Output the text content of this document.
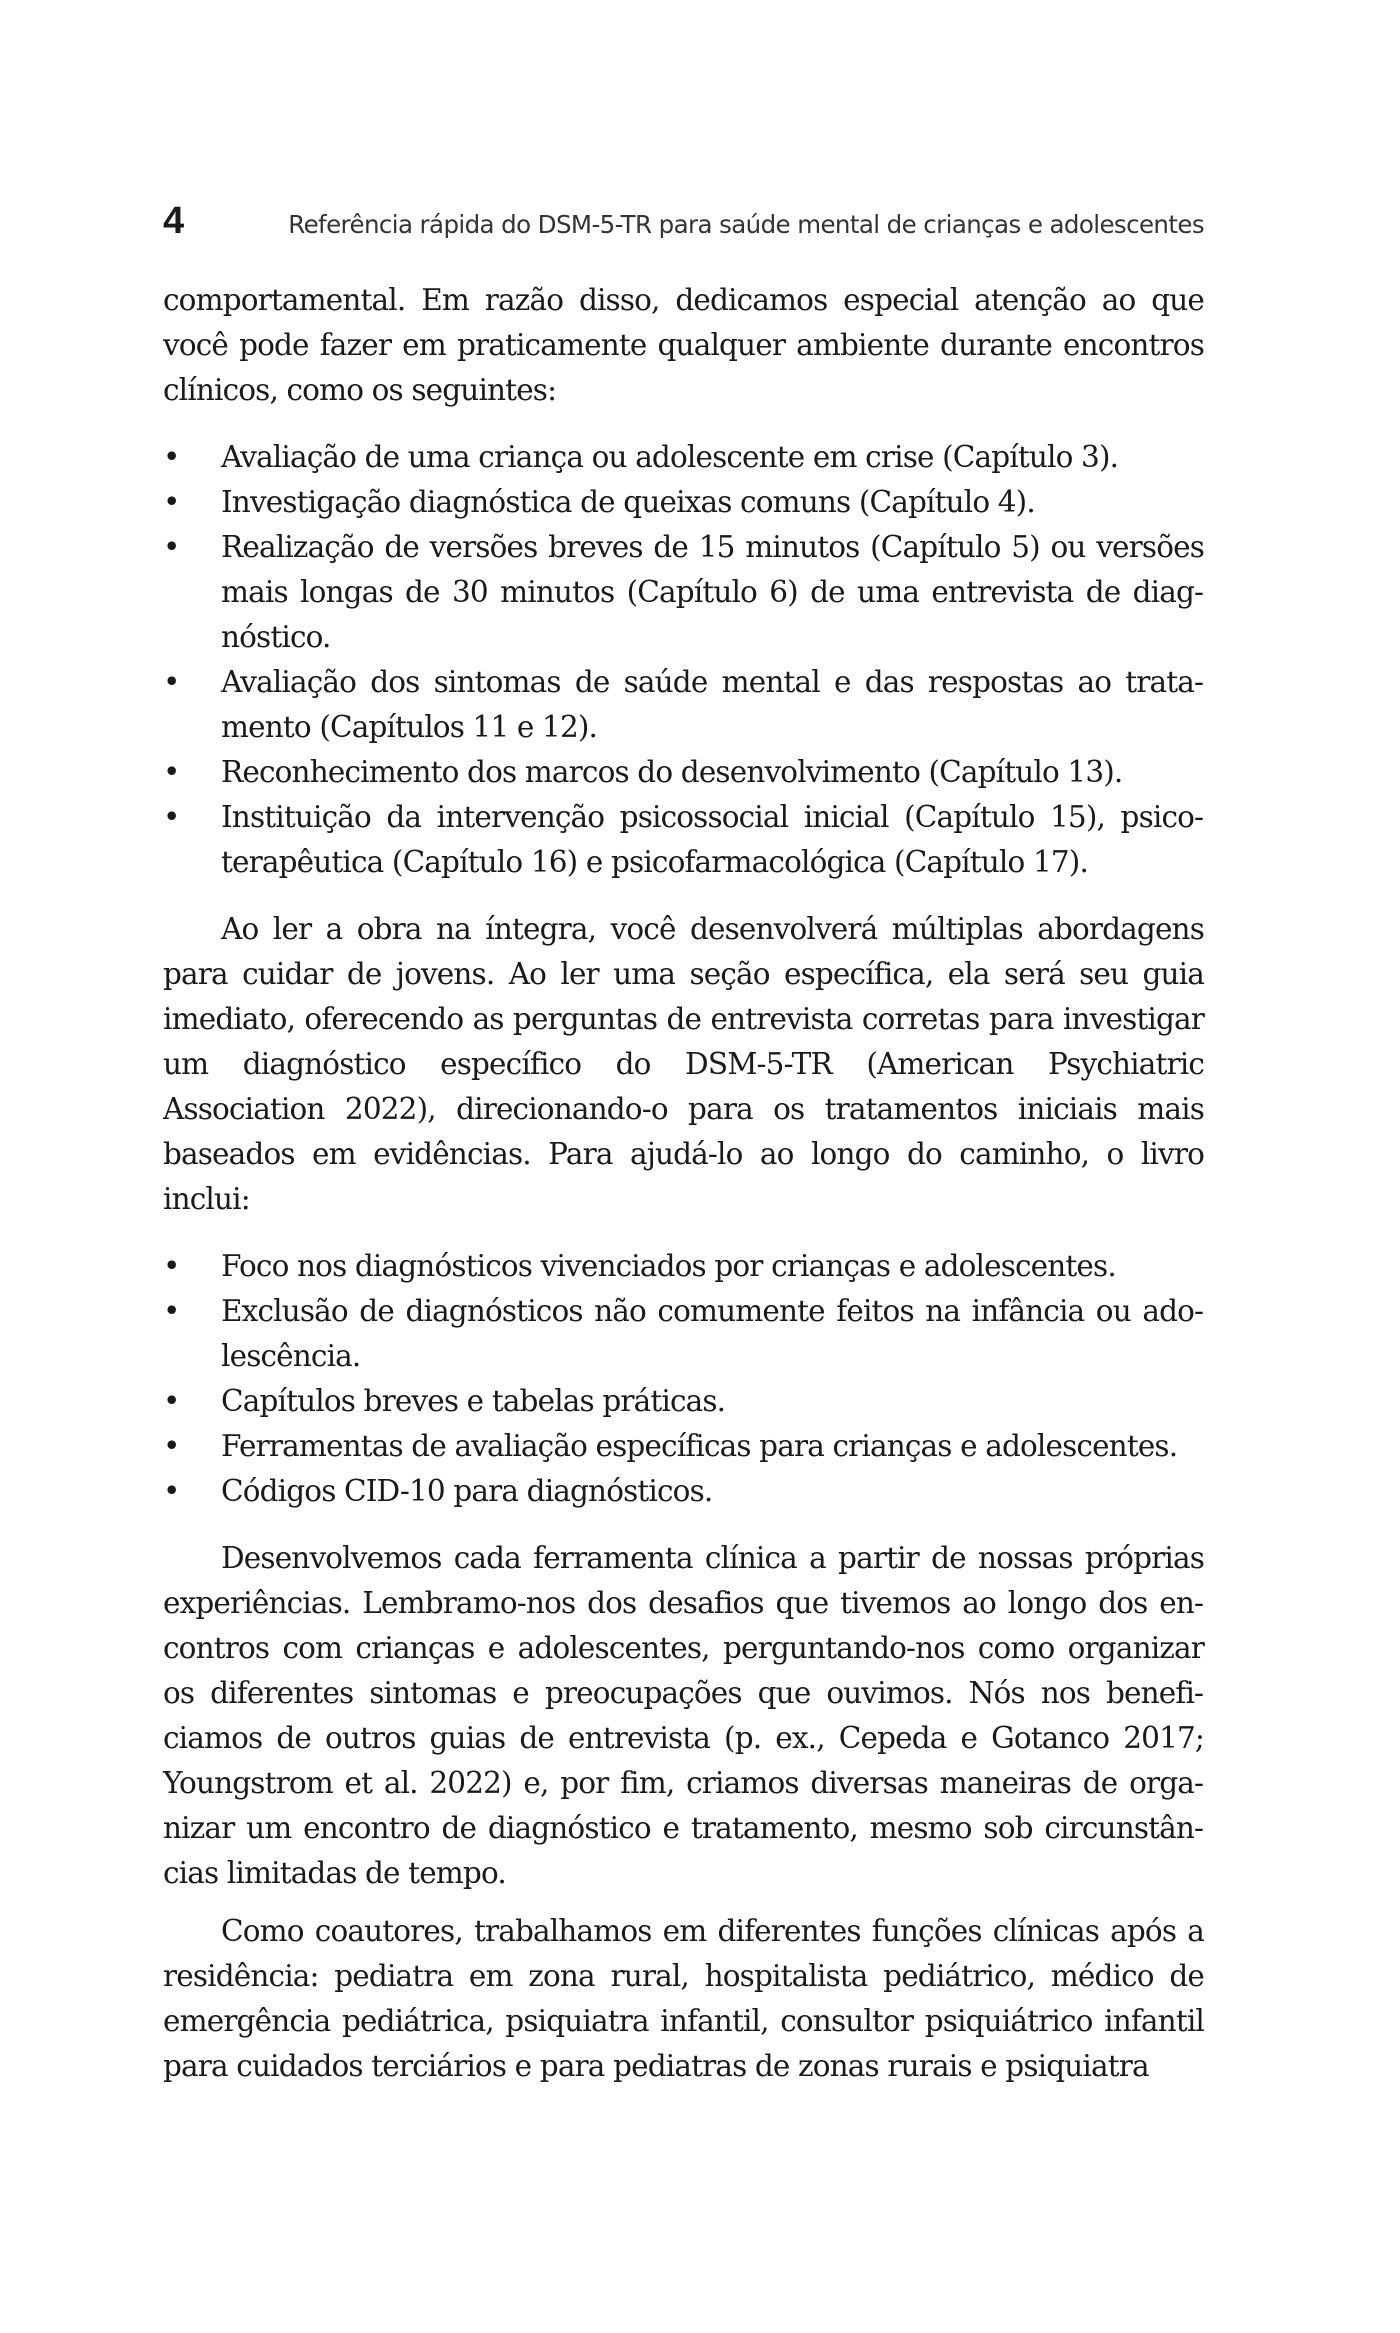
4	Referência rápida do DSM-5-TR para saúde mental de crianças e adolescentes

comportamental. Em razão disso, dedicamos especial atenção ao que você pode fazer em praticamente qualquer ambiente durante encontros clínicos, como os seguintes:

• Avaliação de uma criança ou adolescente em crise (Capítulo 3).
• Investigação diagnóstica de queixas comuns (Capítulo 4).
• Realização de versões breves de 15 minutos (Capítulo 5) ou versões mais longas de 30 minutos (Capítulo 6) de uma entrevista de diagnóstico.
• Avaliação dos sintomas de saúde mental e das respostas ao tratamento (Capítulos 11 e 12).
• Reconhecimento dos marcos do desenvolvimento (Capítulo 13).
• Instituição da intervenção psicossocial inicial (Capítulo 15), psicoterapêutica (Capítulo 16) e psicofarmacológica (Capítulo 17).

Ao ler a obra na íntegra, você desenvolverá múltiplas abordagens para cuidar de jovens. Ao ler uma seção específica, ela será seu guia imediato, oferecendo as perguntas de entrevista corretas para investigar um diagnóstico específico do DSM-5-TR (American Psychiatric Association 2022), direcionando-o para os tratamentos iniciais mais baseados em evidências. Para ajudá-lo ao longo do caminho, o livro inclui:

• Foco nos diagnósticos vivenciados por crianças e adolescentes.
• Exclusão de diagnósticos não comumente feitos na infância ou adolescência.
• Capítulos breves e tabelas práticas.
• Ferramentas de avaliação específicas para crianças e adolescentes.
• Códigos CID-10 para diagnósticos.

Desenvolvemos cada ferramenta clínica a partir de nossas próprias experiências. Lembramo-nos dos desafios que tivemos ao longo dos encontros com crianças e adolescentes, perguntando-nos como organizar os diferentes sintomas e preocupações que ouvimos. Nós nos beneficiamos de outros guias de entrevista (p. ex., Cepeda e Gotanco 2017; Youngstrom et al. 2022) e, por fim, criamos diversas maneiras de organizar um encontro de diagnóstico e tratamento, mesmo sob circunstâncias limitadas de tempo.

Como coautores, trabalhamos em diferentes funções clínicas após a residência: pediatra em zona rural, hospitalista pediátrico, médico de emergência pediátrica, psiquiatra infantil, consultor psiquiátrico infantil para cuidados terciários e para pediatras de zonas rurais e psiquiatra
